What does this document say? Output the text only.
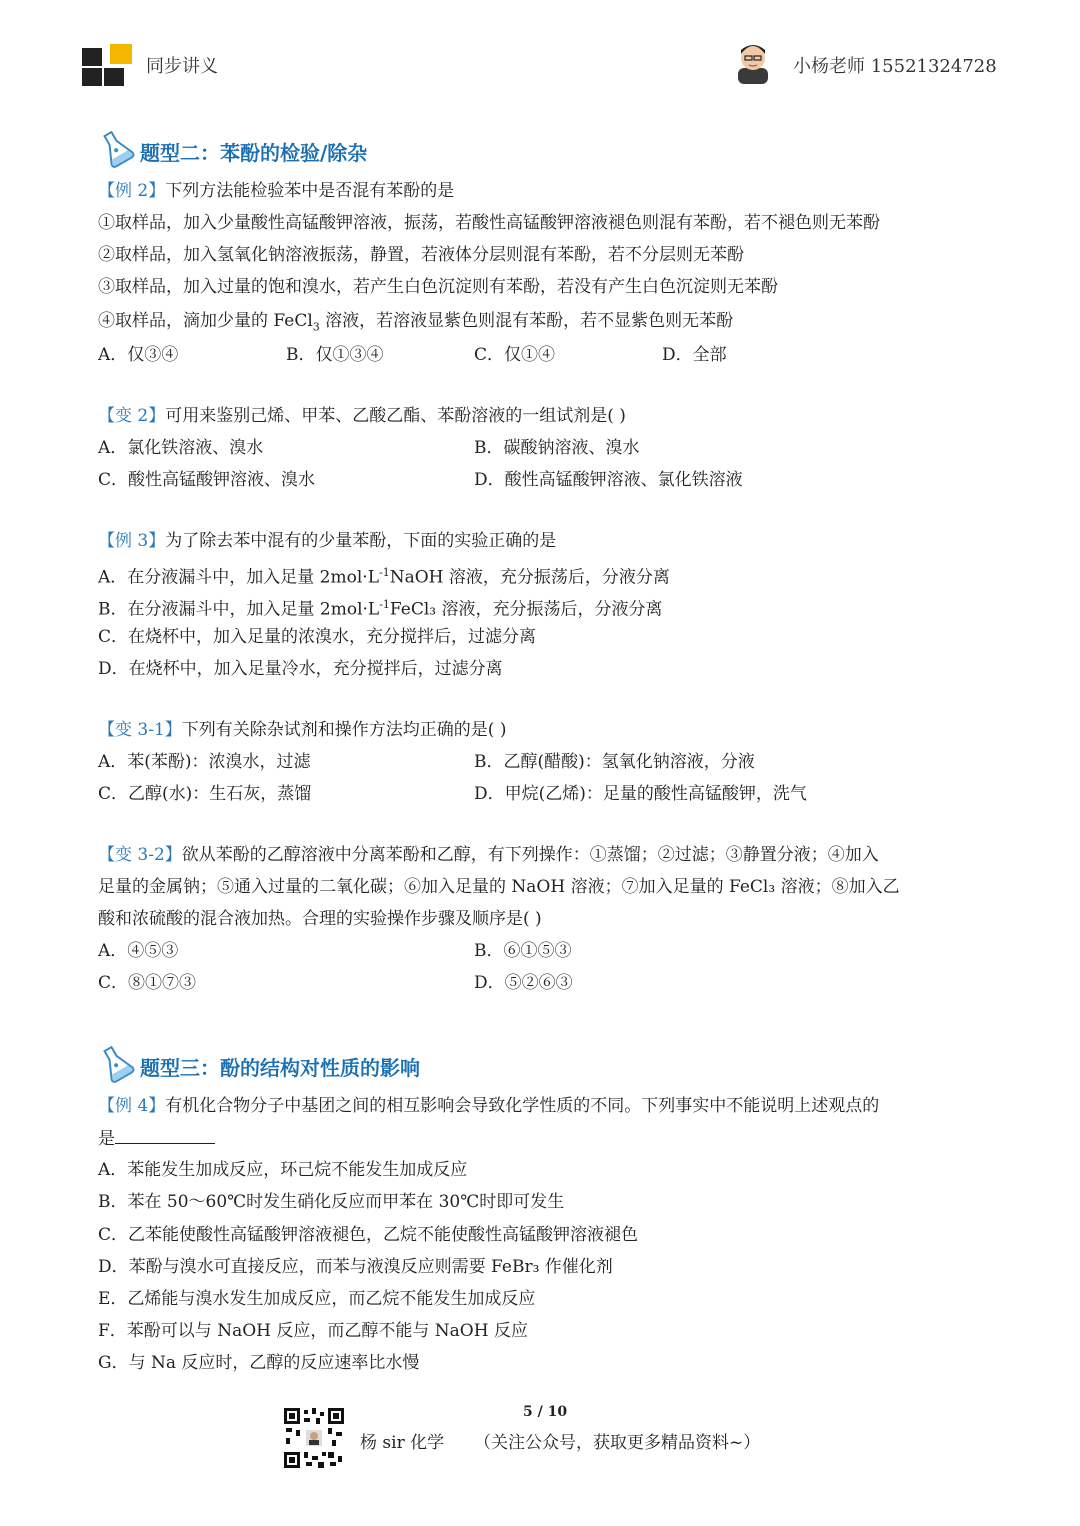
同步讲义	小杨老师 15521324728
题型二：苯酚的检验/除杂
【例 2】下列方法能检验苯中是否混有苯酚的是
①取样品，加入少量酸性高锰酸钾溶液，振荡，若酸性高锰酸钾溶液褪色则混有苯酚，若不褪色则无苯酚
②取样品，加入氢氧化钠溶液振荡，静置，若液体分层则混有苯酚，若不分层则无苯酚
③取样品，加入过量的饱和溴水，若产生白色沉淀则有苯酚，若没有产生白色沉淀则无苯酚
④取样品，滴加少量的 FeCl$_3$ 溶液，若溶液显紫色则混有苯酚，若不显紫色则无苯酚
A．仅③④	B．仅①③④	C．仅①④	D．全部
【变 2】可用来鉴别己烯、甲苯、乙酸乙酯、苯酚溶液的一组试剂是( )
A．氯化铁溶液、溴水	B．碳酸钠溶液、溴水
C．酸性高锰酸钾溶液、溴水	D．酸性高锰酸钾溶液、氯化铁溶液
【例 3】为了除去苯中混有的少量苯酚，下面的实验正确的是
A．在分液漏斗中，加入足量 $2mol\cdot L^{-1}NaOH$ 溶液，充分振荡后，分液分离
B．在分液漏斗中，加入足量 $2mol\cdot L^{-1}FeCl_3$ 溶液，充分振荡后，分液分离
C．在烧杯中，加入足量的浓溴水，充分搅拌后，过滤分离
D．在烧杯中，加入足量冷水，充分搅拌后，过滤分离
【变 3-1】下列有关除杂试剂和操作方法均正确的是( )
A．苯(苯酚)：浓溴水，过滤	B．乙醇(醋酸)：氢氧化钠溶液，分液
C．乙醇(水)：生石灰，蒸馏	D．甲烷(乙烯)：足量的酸性高锰酸钾，洗气
【变 3-2】欲从苯酚的乙醇溶液中分离苯酚和乙醇，有下列操作：①蒸馏；②过滤；③静置分液；④加入
足量的金属钠；⑤通入过量的二氧化碳；⑥加入足量的 NaOH 溶液；⑦加入足量的 FeCl₃ 溶液；⑧加入乙
酸和浓硫酸的混合液加热。合理的实验操作步骤及顺序是( )
A．④⑤③	B．⑥①⑤③
C．⑧①⑦③	D．⑤②⑥③
题型三：酚的结构对性质的影响
【例 4】有机化合物分子中基团之间的相互影响会导致化学性质的不同。下列事实中不能说明上述观点的
是
A．苯能发生加成反应，环己烷不能发生加成反应
B．苯在 50～60℃时发生硝化反应而甲苯在 30℃时即可发生
C．乙苯能使酸性高锰酸钾溶液褪色，乙烷不能使酸性高锰酸钾溶液褪色
D．苯酚与溴水可直接反应，而苯与液溴反应则需要 FeBr₃ 作催化剂
E．乙烯能与溴水发生加成反应，而乙烷不能发生加成反应
F．苯酚可以与 NaOH 反应，而乙醇不能与 NaOH 反应
G．与 Na 反应时，乙醇的反应速率比水慢
5 / 10
杨 sir 化学 （关注公众号，获取更多精品资料~）
